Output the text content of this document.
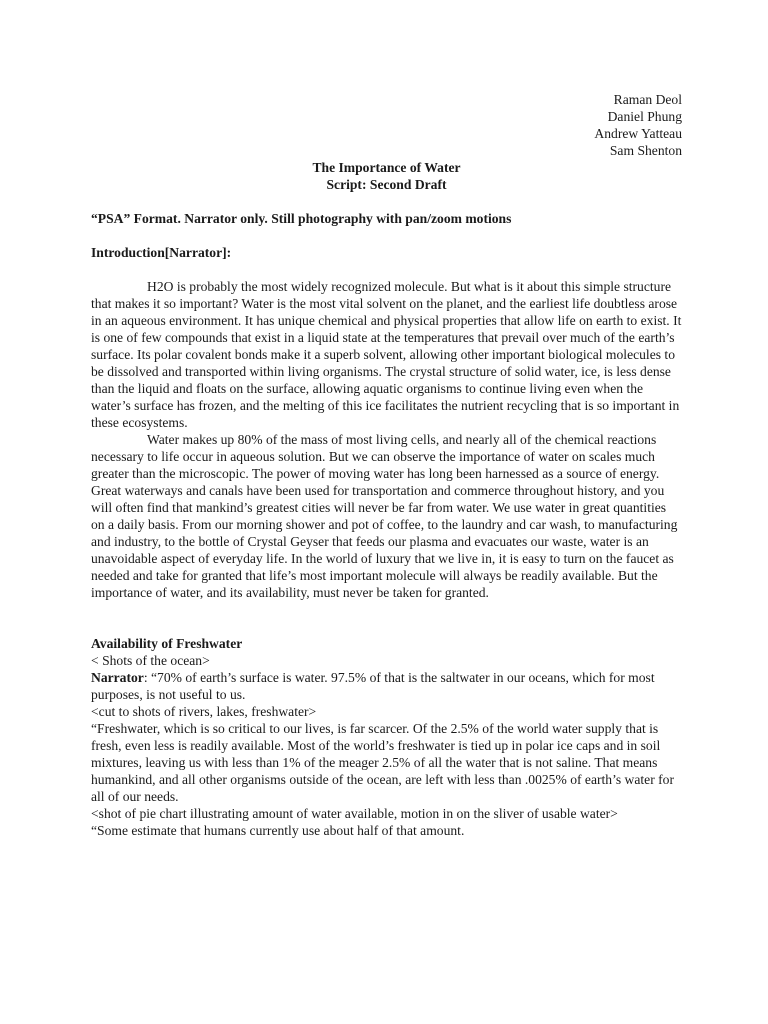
Raman Deol
Daniel Phung
Andrew Yatteau
Sam Shenton
The Importance of Water
Script: Second Draft
“PSA” Format. Narrator only. Still photography with pan/zoom motions
Introduction[Narrator]:

H2O is probably the most widely recognized molecule. But what is it about this simple structure that makes it so important? Water is the most vital solvent on the planet, and the earliest life doubtless arose in an aqueous environment. It has unique chemical and physical properties that allow life on earth to exist. It is one of few compounds that exist in a liquid state at the temperatures that prevail over much of the earth’s surface. Its polar covalent bonds make it a superb solvent, allowing other important biological molecules to be dissolved and transported within living organisms. The crystal structure of solid water, ice, is less dense than the liquid and floats on the surface, allowing aquatic organisms to continue living even when the water’s surface has frozen, and the melting of this ice facilitates the nutrient recycling that is so important in these ecosystems.

Water makes up 80% of the mass of most living cells, and nearly all of the chemical reactions necessary to life occur in aqueous solution. But we can observe the importance of water on scales much greater than the microscopic. The power of moving water has long been harnessed as a source of energy. Great waterways and canals have been used for transportation and commerce throughout history, and you will often find that mankind’s greatest cities will never be far from water. We use water in great quantities on a daily basis. From our morning shower and pot of coffee, to the laundry and car wash, to manufacturing and industry, to the bottle of Crystal Geyser that feeds our plasma and evacuates our waste, water is an unavoidable aspect of everyday life. In the world of luxury that we live in, it is easy to turn on the faucet as needed and take for granted that life’s most important molecule will always be readily available. But the importance of water, and its availability, must never be taken for granted.

Availability of Freshwater

< Shots of the ocean>

Narrator: “70% of earth’s surface is water. 97.5% of that is the saltwater in our oceans, which for most purposes, is not useful to us.

<cut to shots of rivers, lakes, freshwater>

“Freshwater, which is so critical to our lives, is far scarcer. Of the 2.5% of the world water supply that is fresh, even less is readily available. Most of the world’s freshwater is tied up in polar ice caps and in soil mixtures, leaving us with less than 1% of the meager 2.5% of all the water that is not saline. That means humankind, and all other organisms outside of the ocean, are left with less than .0025% of earth’s water for all of our needs.

<shot of pie chart illustrating amount of water available, motion in on the sliver of usable water>

“Some estimate that humans currently use about half of that amount.
